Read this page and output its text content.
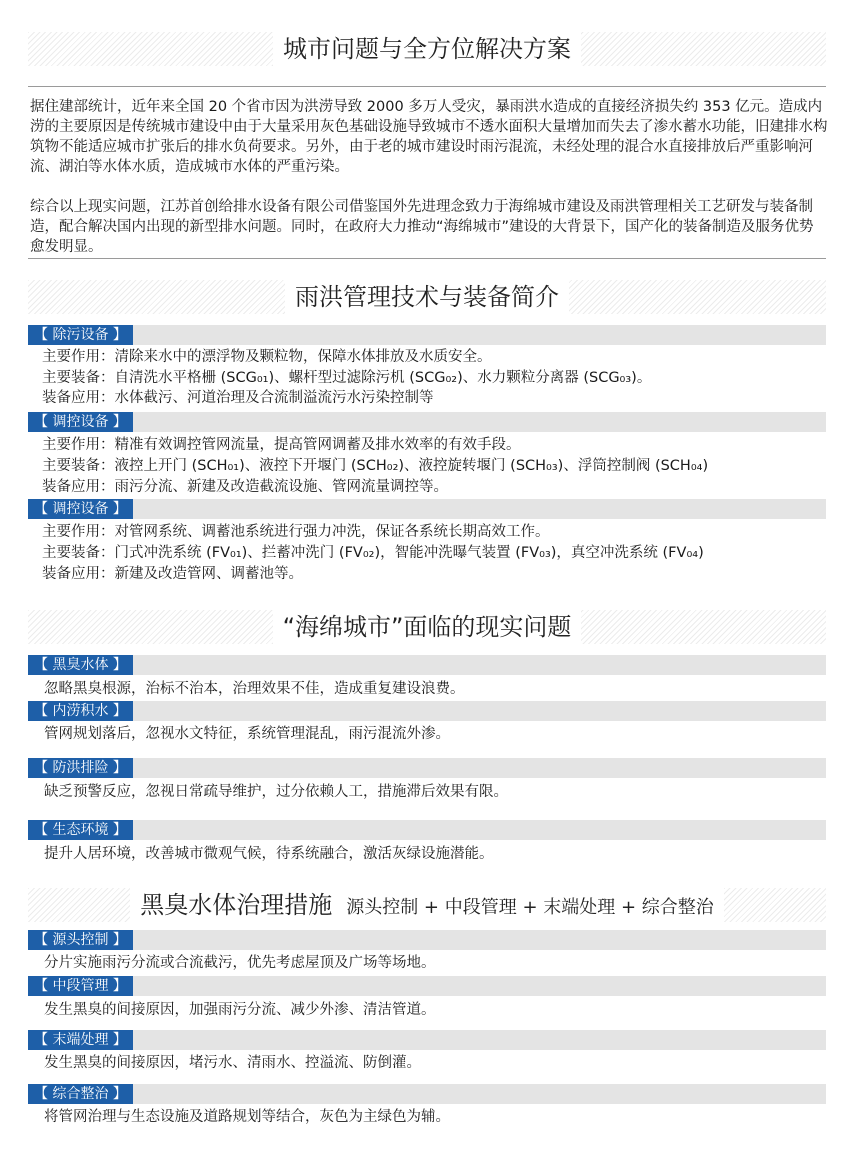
城市问题与全方位解决方案
据住建部统计，近年来全国 20 个省市因为洪涝导致 2000 多万人受灾，暴雨洪水造成的直接经济损失约 353 亿元。造成内涝的主要原因是传统城市建设中由于大量采用灰色基础设施导致城市不透水面积大量增加而失去了渗水蓄水功能，旧建排水构筑物不能适应城市扩张后的排水负荷要求。另外，由于老的城市建设时雨污混流，未经处理的混合水直接排放后严重影响河流、湖泊等水体水质，造成城市水体的严重污染。
综合以上现实问题，江苏首创给排水设备有限公司借鉴国外先进理念致力于海绵城市建设及雨洪管理相关工艺研发与装备制造，配合解决国内出现的新型排水问题。同时，在政府大力推动“海绵城市”建设的大背景下，国产化的装备制造及服务优势愈发明显。
雨洪管理技术与装备简介
【 除污设备 】
主要作用：清除来水中的漂浮物及颗粒物，保障水体排放及水质安全。
主要装备：自清洗水平格栅 (SCG₀₁)、螺杆型过滤除污机 (SCG₀₂)、水力颗粒分离器 (SCG₀₃)。
装备应用：水体截污、河道治理及合流制溢流污水污染控制等
【 调控设备 】
主要作用：精准有效调控管网流量，提高管网调蓄及排水效率的有效手段。
主要装备：液控上开门 (SCH₀₁)、液控下开堰门 (SCH₀₂)、液控旋转堰门 (SCH₀₃)、浮筒控制阀 (SCH₀₄)
装备应用：雨污分流、新建及改造截流设施、管网流量调控等。
【 调控设备 】
主要作用：对管网系统、调蓄池系统进行强力冲洗，保证各系统长期高效工作。
主要装备：门式冲洗系统 (FV₀₁)、拦蓄冲洗门 (FV₀₂)，智能冲洗曝气装置 (FV₀₃)，真空冲洗系统 (FV₀₄)
装备应用：新建及改造管网、调蓄池等。
“海绵城市”面临的现实问题
【 黑臭水体 】
忽略黑臭根源，治标不治本，治理效果不佳，造成重复建设浪费。
【 内涝积水 】
管网规划落后，忽视水文特征，系统管理混乱，雨污混流外渗。
【 防洪排险 】
缺乏预警反应，忽视日常疏导维护，过分依赖人工，措施滞后效果有限。
【 生态环境 】
提升人居环境，改善城市微观气候，待系统融合，激活灰绿设施潜能。
黑臭水体治理措施 源头控制 + 中段管理 + 末端处理 + 综合整治
【 源头控制 】
分片实施雨污分流或合流截污，优先考虑屋顶及广场等场地。
【 中段管理 】
发生黑臭的间接原因，加强雨污分流、减少外渗、清洁管道。
【 末端处理 】
发生黑臭的间接原因，堵污水、清雨水、控溢流、防倒灌。
【 综合整治 】
将管网治理与生态设施及道路规划等结合，灰色为主绿色为辅。
